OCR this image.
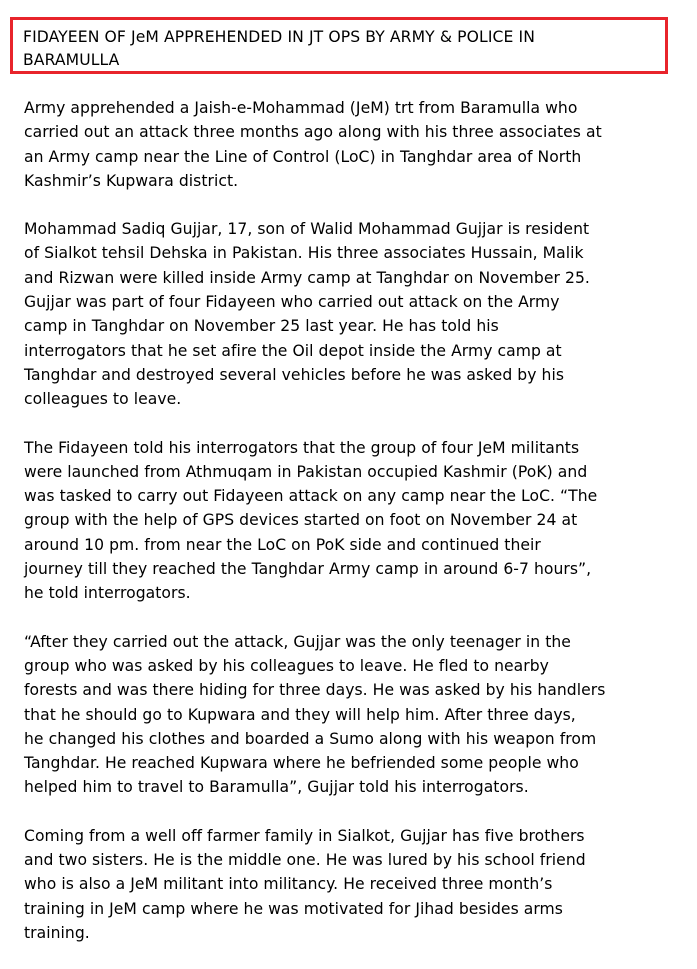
FIDAYEEN OF JeM APPREHENDED IN JT OPS BY ARMY & POLICE IN
BARAMULLA

Army apprehended a Jaish-e-Mohammad (JeM) trt from Baramulla who
carried out an attack three months ago along with his three associates at
an Army camp near the Line of Control (LoC) in Tanghdar area of North
Kashmir’s Kupwara district.

Mohammad Sadiq Gujjar, 17, son of Walid Mohammad Gujjar is resident
of Sialkot tehsil Dehska in Pakistan. His three associates Hussain, Malik
and Rizwan were killed inside Army camp at Tanghdar on November 25.
Gujjar was part of four Fidayeen who carried out attack on the Army
camp in Tanghdar on November 25 last year. He has told his
interrogators that he set afire the Oil depot inside the Army camp at
Tanghdar and destroyed several vehicles before he was asked by his
colleagues to leave.

The Fidayeen told his interrogators that the group of four JeM militants
were launched from Athmuqam in Pakistan occupied Kashmir (PoK) and
was tasked to carry out Fidayeen attack on any camp near the LoC. “The
group with the help of GPS devices started on foot on November 24 at
around 10 pm. from near the LoC on PoK side and continued their
journey till they reached the Tanghdar Army camp in around 6-7 hours”,
he told interrogators.

“After they carried out the attack, Gujjar was the only teenager in the
group who was asked by his colleagues to leave. He fled to nearby
forests and was there hiding for three days. He was asked by his handlers
that he should go to Kupwara and they will help him. After three days,
he changed his clothes and boarded a Sumo along with his weapon from
Tanghdar. He reached Kupwara where he befriended some people who
helped him to travel to Baramulla”, Gujjar told his interrogators.

Coming from a well off farmer family in Sialkot, Gujjar has five brothers
and two sisters. He is the middle one. He was lured by his school friend
who is also a JeM militant into militancy. He received three month’s
training in JeM camp where he was motivated for Jihad besides arms
training.
